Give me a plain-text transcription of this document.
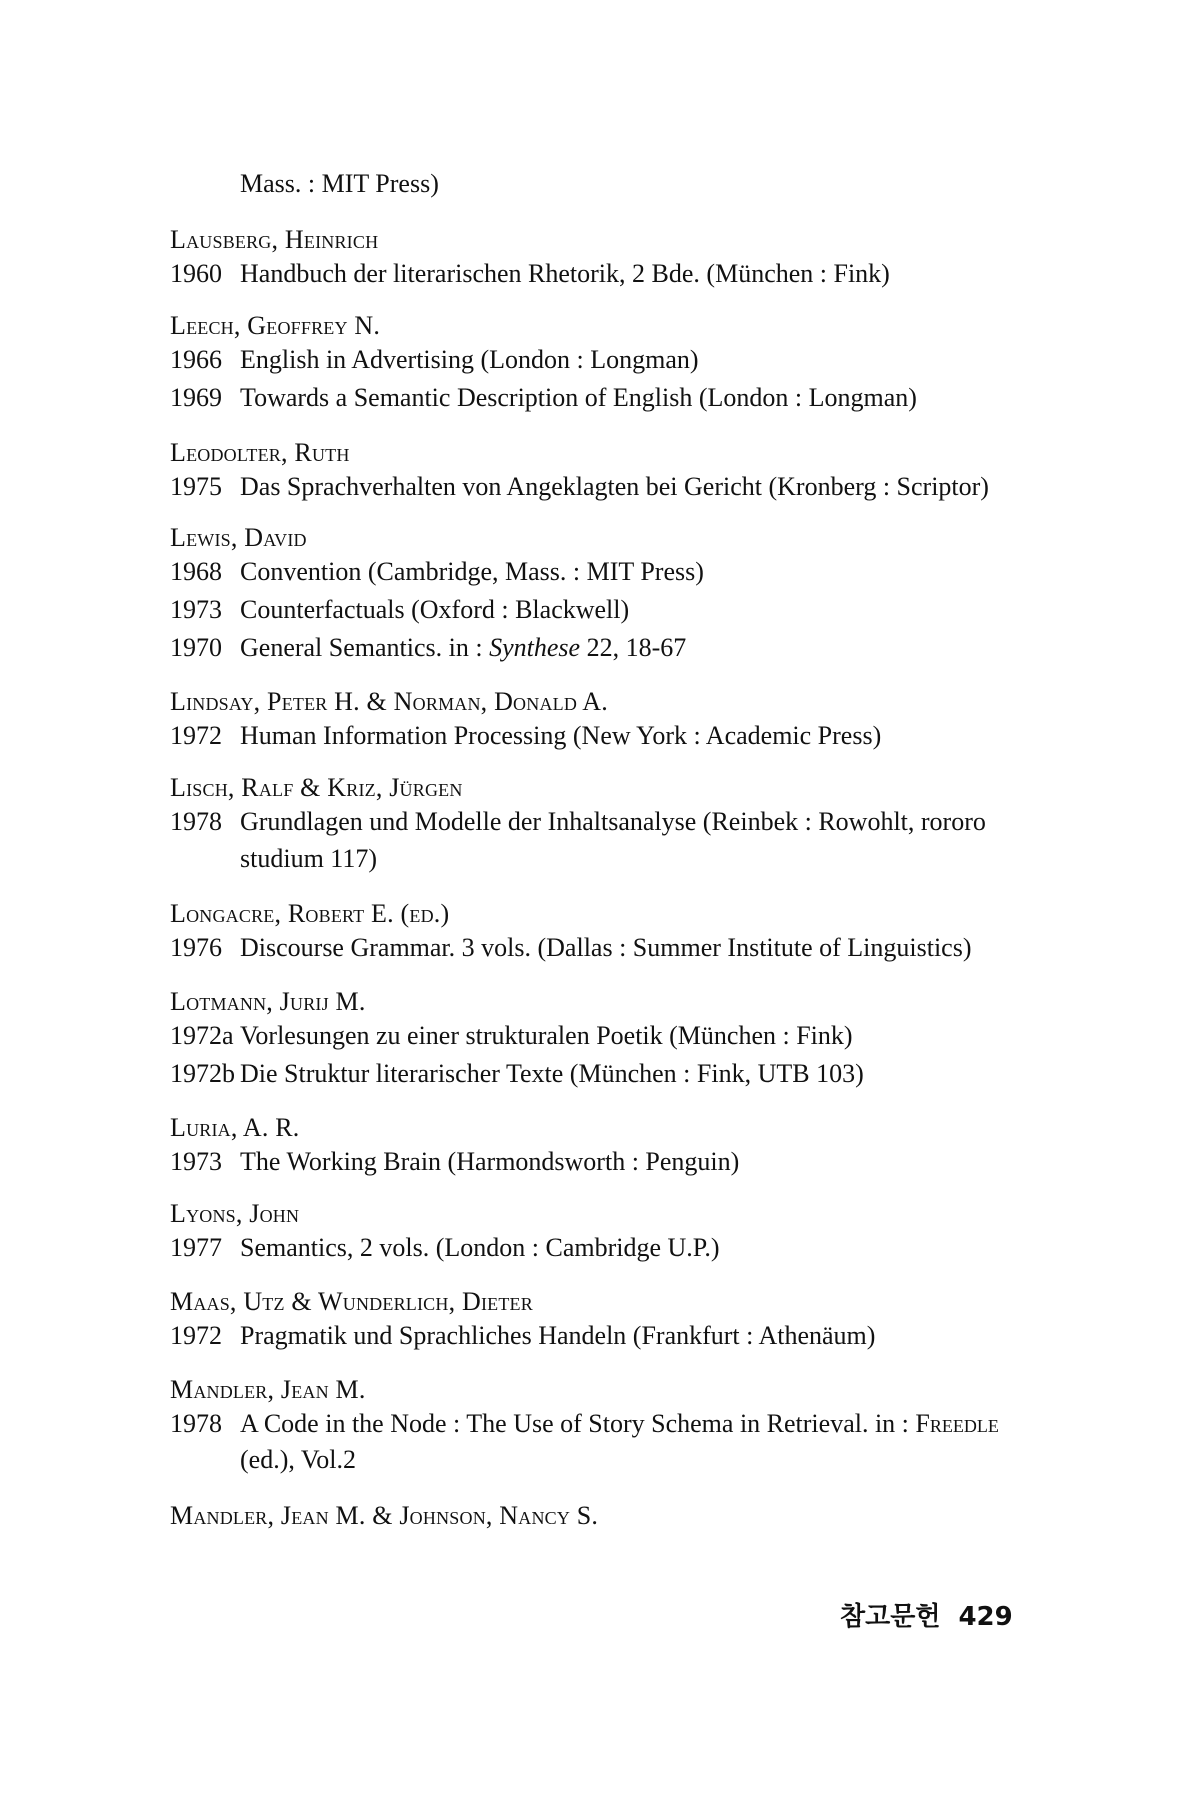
Mass. : MIT Press)
Lausberg, Heinrich
1960 Handbuch der literarischen Rhetorik, 2 Bde. (München : Fink)
Leech, Geoffrey N.
1966 English in Advertising (London : Longman)
1969 Towards a Semantic Description of English (London : Longman)
Leodolter, Ruth
1975 Das Sprachverhalten von Angeklagten bei Gericht (Kronberg : Scriptor)
Lewis, David
1968 Convention (Cambridge, Mass. : MIT Press)
1973 Counterfactuals (Oxford : Blackwell)
1970 General Semantics. in : Synthese 22, 18-67
Lindsay, Peter H. & Norman, Donald A.
1972 Human Information Processing (New York : Academic Press)
Lisch, Ralf & Kriz, Jürgen
1978 Grundlagen und Modelle der Inhaltsanalyse (Reinbek : Rowohlt, rororo
studium 117)
Longacre, Robert E. (ed.)
1976 Discourse Grammar. 3 vols. (Dallas : Summer Institute of Linguistics)
Lotmann, Jurij M.
1972a Vorlesungen zu einer strukturalen Poetik (München : Fink)
1972b Die Struktur literarischer Texte (München : Fink, UTB 103)
Luria, A. R.
1973 The Working Brain (Harmondsworth : Penguin)
Lyons, John
1977 Semantics, 2 vols. (London : Cambridge U.P.)
Maas, Utz & Wunderlich, Dieter
1972 Pragmatik und Sprachliches Handeln (Frankfurt : Athenäum)
Mandler, Jean M.
1978 A Code in the Node : The Use of Story Schema in Retrieval. in : Freedle
(ed.), Vol.2
Mandler, Jean M. & Johnson, Nancy S.
참고문헌 429
